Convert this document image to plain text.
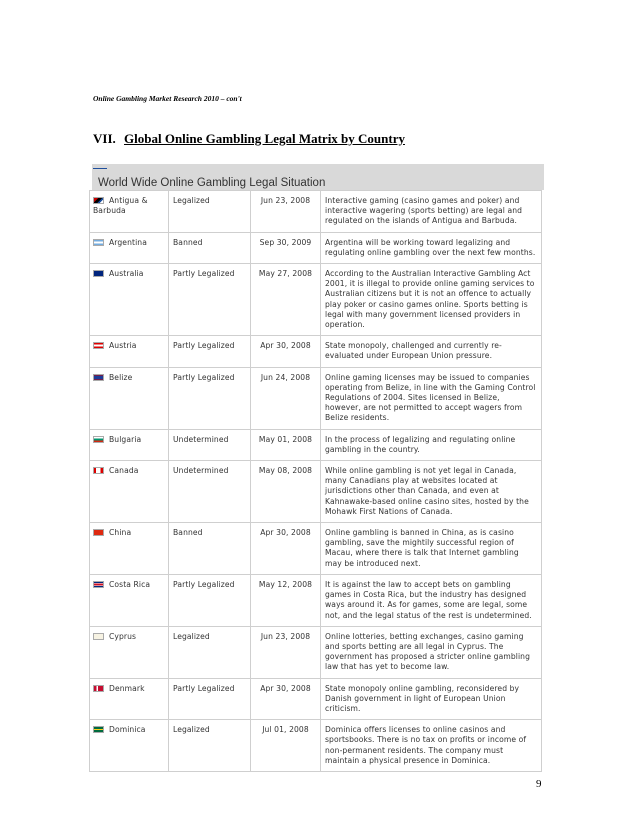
Online Gambling Market Research 2010 – con't
VII. Global Online Gambling Legal Matrix by Country
World Wide Online Gambling Legal Situation
Antigua & Barbuda	Legalized	Jun 23, 2008	Interactive gaming (casino games and poker) and interactive wagering (sports betting) are legal and regulated on the islands of Antigua and Barbuda.
Argentina	Banned	Sep 30, 2009	Argentina will be working toward legalizing and regulating online gambling over the next few months.
Australia	Partly Legalized	May 27, 2008	According to the Australian Interactive Gambling Act 2001, it is illegal to provide online gaming services to Australian citizens but it is not an offence to actually play poker or casino games online. Sports betting is legal with many government licensed providers in operation.
Austria	Partly Legalized	Apr 30, 2008	State monopoly, challenged and currently re-evaluated under European Union pressure.
Belize	Partly Legalized	Jun 24, 2008	Online gaming licenses may be issued to companies operating from Belize, in line with the Gaming Control Regulations of 2004. Sites licensed in Belize, however, are not permitted to accept wagers from Belize residents.
Bulgaria	Undetermined	May 01, 2008	In the process of legalizing and regulating online gambling in the country.
Canada	Undetermined	May 08, 2008	While online gambling is not yet legal in Canada, many Canadians play at websites located at jurisdictions other than Canada, and even at Kahnawake-based online casino sites, hosted by the Mohawk First Nations of Canada.
China	Banned	Apr 30, 2008	Online gambling is banned in China, as is casino gambling, save the mightily successful region of Macau, where there is talk that Internet gambling may be introduced next.
Costa Rica	Partly Legalized	May 12, 2008	It is against the law to accept bets on gambling games in Costa Rica, but the industry has designed ways around it. As for games, some are legal, some not, and the legal status of the rest is undetermined.
Cyprus	Legalized	Jun 23, 2008	Online lotteries, betting exchanges, casino gaming and sports betting are all legal in Cyprus. The government has proposed a stricter online gambling law that has yet to become law.
Denmark	Partly Legalized	Apr 30, 2008	State monopoly online gambling, reconsidered by Danish government in light of European Union criticism.
Dominica	Legalized	Jul 01, 2008	Dominica offers licenses to online casinos and sportsbooks. There is no tax on profits or income of non-permanent residents. The company must maintain a physical presence in Dominica.
9
